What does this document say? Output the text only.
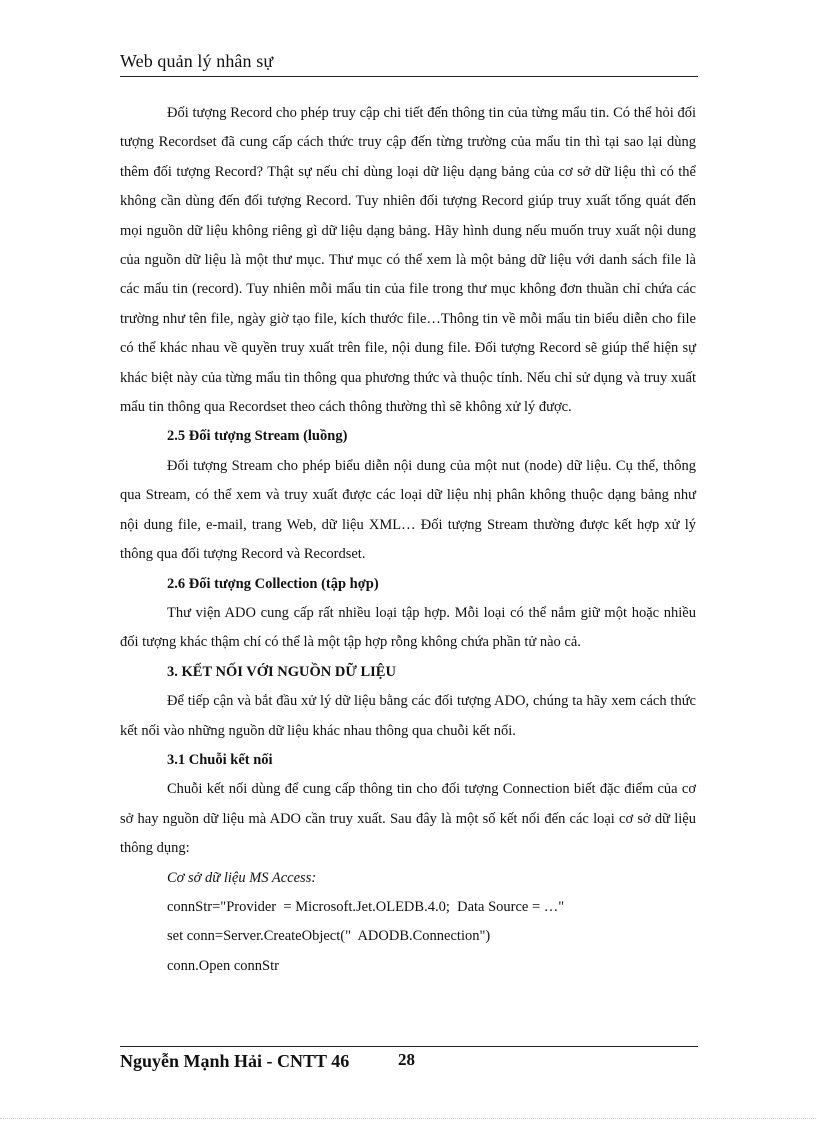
Web quản lý nhân sự

Đối tượng Record cho phép truy cập chi tiết đến thông tin của từng mẩu tin. Có thể hỏi đối tượng Recordset đã cung cấp cách thức truy cập đến từng trường của mẩu tin thì tại sao lại dùng thêm đối tượng Record? Thật sự nếu chỉ dùng loại dữ liệu dạng bảng của cơ sở dữ liệu thì có thể không cần dùng đến đối tượng Record. Tuy nhiên đối tượng Record giúp truy xuất tổng quát đến mọi nguồn dữ liệu không riêng gì dữ liệu dạng bảng. Hãy hình dung nếu muốn truy xuất nội dung của nguồn dữ liệu là một thư mục. Thư mục có thể xem là một bảng dữ liệu với danh sách file là các mẩu tin (record). Tuy nhiên mỗi mẩu tin của file trong thư mục không đơn thuần chỉ chứa các trường như tên file, ngày giờ tạo file, kích thước file…Thông tin về mỗi mẩu tin biểu diễn cho file có thể khác nhau về quyền truy xuất trên file, nội dung file. Đối tượng Record sẽ giúp thể hiện sự khác biệt này của từng mẩu tin thông qua phương thức và thuộc tính. Nếu chỉ sử dụng và truy xuất mẩu tin thông qua Recordset theo cách thông thường thì sẽ không xử lý được.

2.5 Đối tượng Stream (luồng)

Đối tượng Stream cho phép biểu diễn nội dung của một nut (node) dữ liệu. Cụ thể, thông qua Stream, có thể xem và truy xuất được các loại dữ liệu nhị phân không thuộc dạng bảng như nội dung file, e-mail, trang Web, dữ liệu XML… Đối tượng Stream thường được kết hợp xử lý thông qua đối tượng Record và Recordset.

2.6 Đối tượng Collection (tập hợp)

Thư viện ADO cung cấp rất nhiều loại tập hợp. Mỗi loại có thể nắm giữ một hoặc nhiều đối tượng khác thậm chí có thể là một tập hợp rỗng không chứa phần tử nào cả.

3. KẾT NỐI VỚI NGUỒN DỮ LIỆU

Để tiếp cận và bắt đầu xử lý dữ liệu bằng các đối tượng ADO, chúng ta hãy xem cách thức kết nối vào những nguồn dữ liệu khác nhau thông qua chuỗi kết nối.

3.1 Chuỗi kết nối

Chuỗi kết nối dùng để cung cấp thông tin cho đối tượng Connection biết đặc điểm của cơ sở hay nguồn dữ liệu mà ADO cần truy xuất. Sau đây là một số kết nối đến các loại cơ sở dữ liệu thông dụng:

Cơ sở dữ liệu MS Access:

connStr="Provider  = Microsoft.Jet.OLEDB.4.0;  Data Source = …"

set conn=Server.CreateObject("  ADODB.Connection")

conn.Open connStr

Nguyễn Mạnh Hải - CNTT 46	28
